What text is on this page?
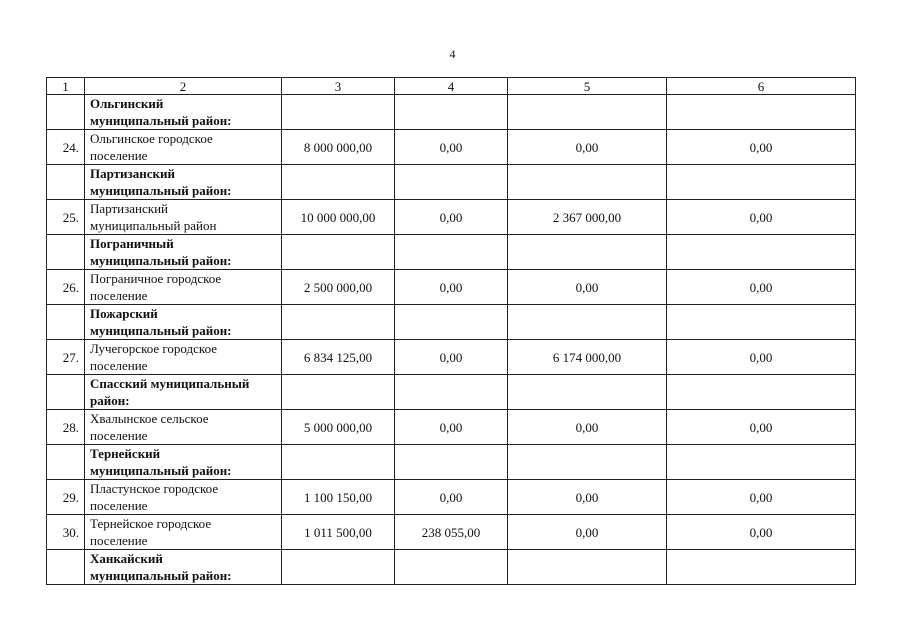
4
1	2	3	4	5	6
	Ольгинский
муниципальный район:				
24.	Ольгинское городское
поселение	8 000 000,00	0,00	0,00	0,00
	Партизанский
муниципальный район:				
25.	Партизанский
муниципальный район	10 000 000,00	0,00	2 367 000,00	0,00
	Пограничный
муниципальный район:				
26.	Пограничное городское
поселение	2 500 000,00	0,00	0,00	0,00
	Пожарский
муниципальный район:				
27.	Лучегорское городское
поселение	6 834 125,00	0,00	6 174 000,00	0,00
	Спасский муниципальный
район:				
28.	Хвалынское сельское
поселение	5 000 000,00	0,00	0,00	0,00
	Тернейский
муниципальный район:				
29.	Пластунское городское
поселение	1 100 150,00	0,00	0,00	0,00
30.	Тернейское городское
поселение	1 011 500,00	238 055,00	0,00	0,00
	Ханкайский
муниципальный район:				
